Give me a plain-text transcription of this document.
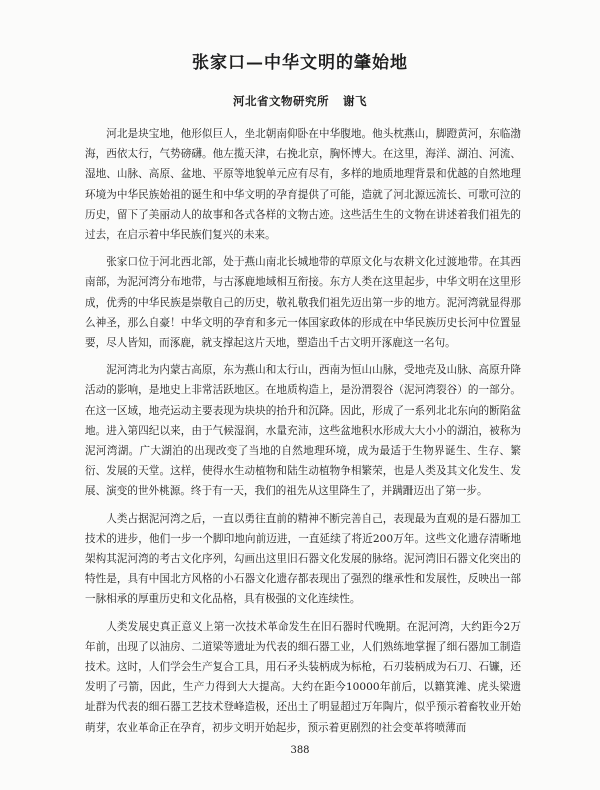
张家口—中华文明的肇始地
河北省文物研究所 谢飞

河北是块宝地，他形似巨人，坐北朝南仰卧在中华腹地。他头枕燕山，脚蹬黄河，东临渤海，西依太行，气势磅礴。他左揽天津，右挽北京，胸怀博大。在这里，海洋、湖泊、河流、湿地、山脉、高原、盆地、平原等地貌单元应有尽有，多样的地质地理背景和优越的自然地理环境为中华民族始祖的诞生和中华文明的孕育提供了可能，造就了河北源远流长、可歌可泣的历史，留下了美丽动人的故事和各式各样的文物古迹。这些活生生的文物在讲述着我们祖先的过去，在启示着中华民族们复兴的未来。

张家口位于河北西北部，处于燕山南北长城地带的草原文化与农耕文化过渡地带。在其西南部，为泥河湾分布地带，与古涿鹿地域相互衔接。东方人类在这里起步，中华文明在这里形成，优秀的中华民族是崇敬自己的历史，敬礼敬我们祖先迈出第一步的地方。泥河湾就显得那么神圣，那么自豪！中华文明的孕育和多元一体国家政体的形成在中华民族历史长河中位置显要，尽人皆知，而涿鹿，就支撑起这片天地，塑造出千古文明开涿鹿这一名句。

泥河湾北为内蒙古高原，东为燕山和太行山，西南为恒山山脉，受地壳及山脉、高原升降活动的影响，是地史上非常活跃地区。在地质构造上，是汾渭裂谷（泥河湾裂谷）的一部分。在这一区域，地壳运动主要表现为块块的抬升和沉降。因此，形成了一系列北北东向的断陷盆地。进入第四纪以来，由于气候湿润，水量充沛，这些盆地积水形成大大小小的湖泊，被称为泥河湾湖。广大湖泊的出现改变了当地的自然地理环境，成为最适于生物界诞生、生存、繁衍、发展的天堂。这样，使得水生动植物和陆生动植物争相繁荣，也是人类及其文化发生、发展、演变的世外桃源。终于有一天，我们的祖先从这里降生了，并蹒跚迈出了第一步。

人类占据泥河湾之后，一直以勇往直前的精神不断完善自己，表现最为直观的是石器加工技术的进步，他们一步一个脚印地向前迈进，一直延续了将近200万年。这些文化遗存清晰地架构其泥河湾的考古文化序列，勾画出这里旧石器文化发展的脉络。泥河湾旧石器文化突出的特性是，具有中国北方风格的小石器文化遗存都表现出了强烈的继承性和发展性，反映出一部一脉相承的厚重历史和文化品格，具有极强的文化连续性。

人类发展史真正意义上第一次技术革命发生在旧石器时代晚期。在泥河湾，大约距今2万年前，出现了以油房、二道梁等遗址为代表的细石器工业，人们熟练地掌握了细石器加工制造技术。这时，人们学会生产复合工具，用石矛头装柄成为标枪，石刃装柄成为石刀、石镰，还发明了弓箭，因此，生产力得到大大提高。大约在距今10000年前后，以籍箕滩、虎头梁遗址群为代表的细石器工艺技术登峰造极，还出土了明显超过万年陶片，似乎预示着畜牧业开始萌芽，农业革命正在孕育，初步文明开始起步，预示着更剧烈的社会变革将喷薄而

388
